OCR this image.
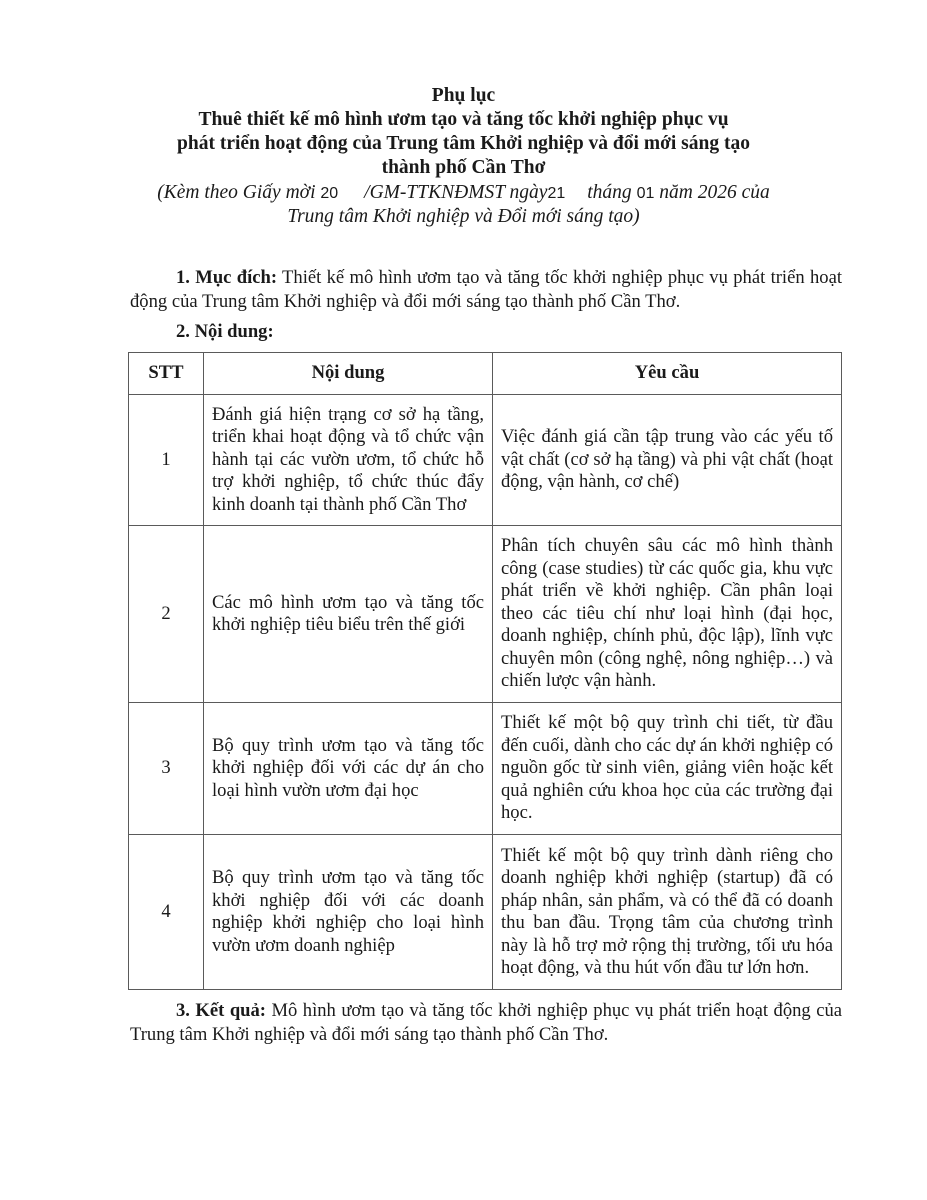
Phụ lục
Thuê thiết kế mô hình ươm tạo và tăng tốc khởi nghiệp phục vụ
phát triển hoạt động của Trung tâm Khởi nghiệp và đổi mới sáng tạo
thành phố Cần Thơ
(Kèm theo Giấy mời 20 /GM-TTKNĐMST ngày21 tháng 01 năm 2026 của
Trung tâm Khởi nghiệp và Đổi mới sáng tạo)
1. Mục đích: Thiết kế mô hình ươm tạo và tăng tốc khởi nghiệp phục vụ phát triển hoạt động của Trung tâm Khởi nghiệp và đổi mới sáng tạo thành phố Cần Thơ.
2. Nội dung:
STT	Nội dung	Yêu cầu
1	Đánh giá hiện trạng cơ sở hạ tầng, triển khai hoạt động và tổ chức vận hành tại các vườn ươm, tổ chức hỗ trợ khởi nghiệp, tổ chức thúc đẩy kinh doanh tại thành phố Cần Thơ	Việc đánh giá cần tập trung vào các yếu tố vật chất (cơ sở hạ tầng) và phi vật chất (hoạt động, vận hành, cơ chế)
2	Các mô hình ươm tạo và tăng tốc khởi nghiệp tiêu biểu trên thế giới	Phân tích chuyên sâu các mô hình thành công (case studies) từ các quốc gia, khu vực phát triển về khởi nghiệp. Cần phân loại theo các tiêu chí như loại hình (đại học, doanh nghiệp, chính phủ, độc lập), lĩnh vực chuyên môn (công nghệ, nông nghiệp…) và chiến lược vận hành.
3	Bộ quy trình ươm tạo và tăng tốc khởi nghiệp đối với các dự án cho loại hình vườn ươm đại học	Thiết kế một bộ quy trình chi tiết, từ đầu đến cuối, dành cho các dự án khởi nghiệp có nguồn gốc từ sinh viên, giảng viên hoặc kết quả nghiên cứu khoa học của các trường đại học.
4	Bộ quy trình ươm tạo và tăng tốc khởi nghiệp đối với các doanh nghiệp khởi nghiệp cho loại hình vườn ươm doanh nghiệp	Thiết kế một bộ quy trình dành riêng cho doanh nghiệp khởi nghiệp (startup) đã có pháp nhân, sản phẩm, và có thể đã có doanh thu ban đầu. Trọng tâm của chương trình này là hỗ trợ mở rộng thị trường, tối ưu hóa hoạt động, và thu hút vốn đầu tư lớn hơn.
3. Kết quả: Mô hình ươm tạo và tăng tốc khởi nghiệp phục vụ phát triển hoạt động của Trung tâm Khởi nghiệp và đổi mới sáng tạo thành phố Cần Thơ.
